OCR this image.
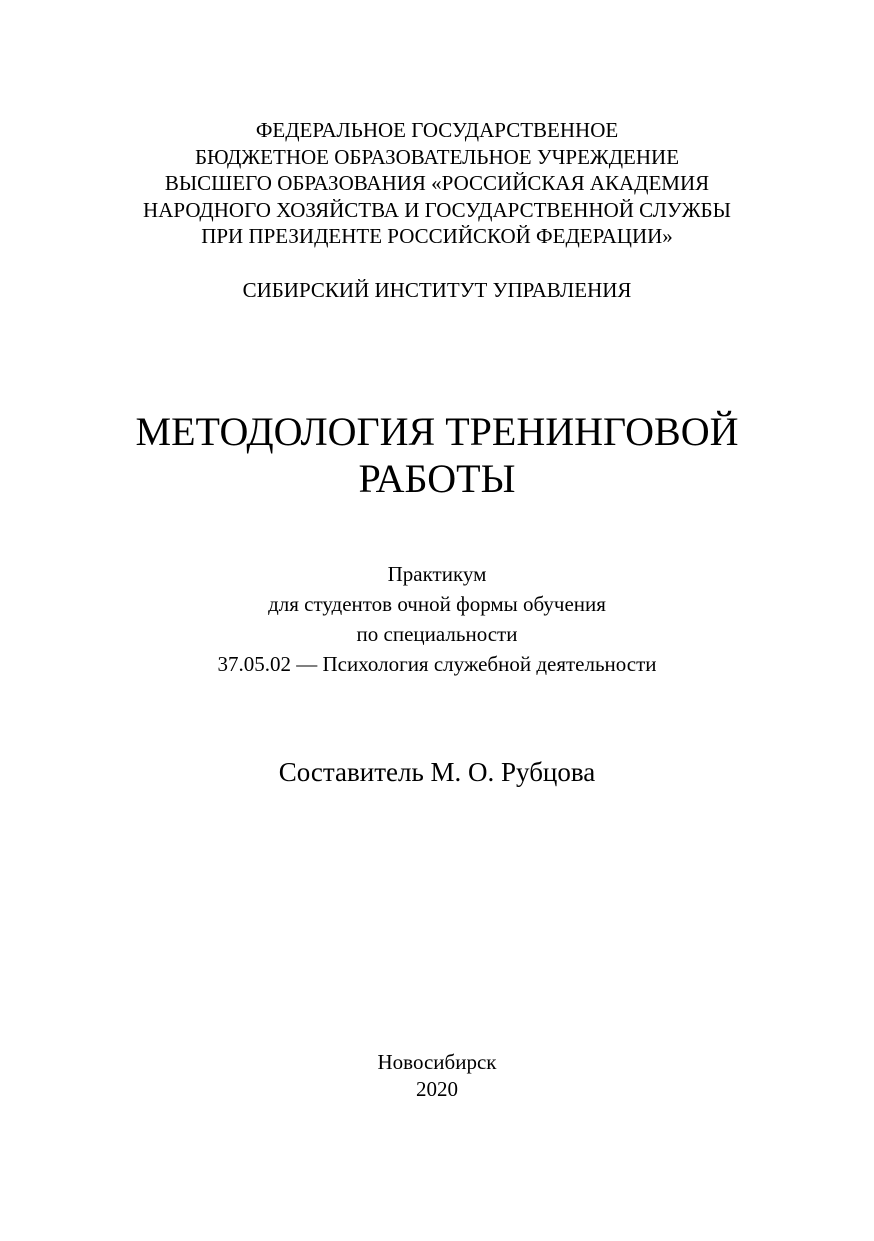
ФЕДЕРАЛЬНОЕ ГОСУДАРСТВЕННОЕ
БЮДЖЕТНОЕ ОБРАЗОВАТЕЛЬНОЕ УЧРЕЖДЕНИЕ
ВЫСШЕГО ОБРАЗОВАНИЯ «РОССИЙСКАЯ АКАДЕМИЯ
НАРОДНОГО ХОЗЯЙСТВА И ГОСУДАРСТВЕННОЙ СЛУЖБЫ
ПРИ ПРЕЗИДЕНТЕ РОССИЙСКОЙ ФЕДЕРАЦИИ»
СИБИРСКИЙ ИНСТИТУТ УПРАВЛЕНИЯ
МЕТОДОЛОГИЯ ТРЕНИНГОВОЙ
РАБОТЫ
Практикум
для студентов очной формы обучения
по специальности
37.05.02 — Психология служебной деятельности
Составитель М. О. Рубцова
Новосибирск
2020
